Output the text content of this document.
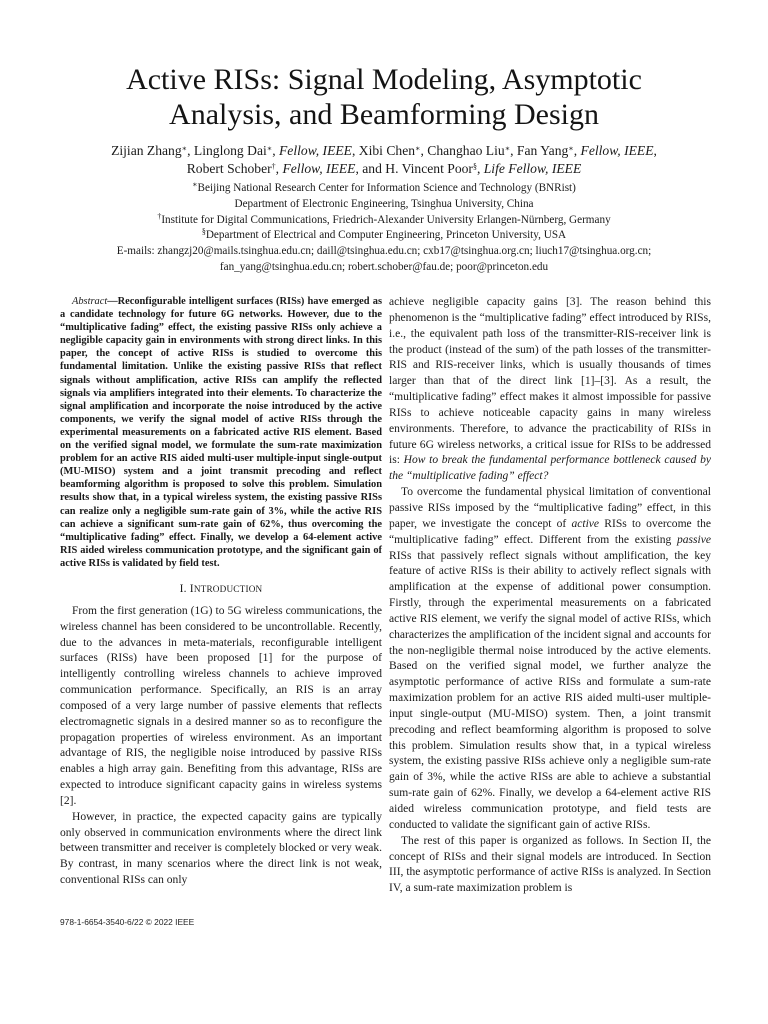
Active RISs: Signal Modeling, Asymptotic
Analysis, and Beamforming Design
Zijian Zhang∗, Linglong Dai∗, Fellow, IEEE, Xibi Chen∗, Changhao Liu∗, Fan Yang∗, Fellow, IEEE,
Robert Schober†, Fellow, IEEE, and H. Vincent Poor§, Life Fellow, IEEE
∗Beijing National Research Center for Information Science and Technology (BNRist)
Department of Electronic Engineering, Tsinghua University, China
†Institute for Digital Communications, Friedrich-Alexander University Erlangen-Nürnberg, Germany
§Department of Electrical and Computer Engineering, Princeton University, USA
E-mails: zhangzj20@mails.tsinghua.edu.cn; daill@tsinghua.edu.cn; cxb17@tsinghua.org.cn; liuch17@tsinghua.org.cn;
fan_yang@tsinghua.edu.cn; robert.schober@fau.de; poor@princeton.edu

Abstract—Reconfigurable intelligent surfaces (RISs) have emerged as a candidate technology for future 6G networks. However, due to the “multiplicative fading” effect, the existing passive RISs only achieve a negligible capacity gain in environments with strong direct links. In this paper, the concept of active RISs is studied to overcome this fundamental limitation. Unlike the existing passive RISs that reflect signals without amplification, active RISs can amplify the reflected signals via amplifiers integrated into their elements. To characterize the signal amplification and incorporate the noise introduced by the active components, we verify the signal model of active RISs through the experimental measurements on a fabricated active RIS element. Based on the verified signal model, we formulate the sum-rate maximization problem for an active RIS aided multi-user multiple-input single-output (MU-MISO) system and a joint transmit precoding and reflect beamforming algorithm is proposed to solve this problem. Simulation results show that, in a typical wireless system, the existing passive RISs can realize only a negligible sum-rate gain of 3%, while the active RIS can achieve a significant sum-rate gain of 62%, thus overcoming the “multiplicative fading” effect. Finally, we develop a 64-element active RIS aided wireless communication prototype, and the significant gain of active RISs is validated by field test.

I. INTRODUCTION

From the first generation (1G) to 5G wireless communications, the wireless channel has been considered to be uncontrollable. Recently, due to the advances in meta-materials, reconfigurable intelligent surfaces (RISs) have been proposed [1] for the purpose of intelligently controlling wireless channels to achieve improved communication performance. Specifically, an RIS is an array composed of a very large number of passive elements that reflects electromagnetic signals in a desired manner so as to reconfigure the propagation properties of wireless environment. As an important advantage of RIS, the negligible noise introduced by passive RISs enables a high array gain. Benefiting from this advantage, RISs are expected to introduce significant capacity gains in wireless systems [2].

However, in practice, the expected capacity gains are typically only observed in communication environments where the direct link between transmitter and receiver is completely blocked or very weak. By contrast, in many scenarios where the direct link is not weak, conventional RISs can only

achieve negligible capacity gains [3]. The reason behind this phenomenon is the “multiplicative fading” effect introduced by RISs, i.e., the equivalent path loss of the transmitter-RIS-receiver link is the product (instead of the sum) of the path losses of the transmitter-RIS and RIS-receiver links, which is usually thousands of times larger than that of the direct link [1]–[3]. As a result, the “multiplicative fading” effect makes it almost impossible for passive RISs to achieve noticeable capacity gains in many wireless environments. Therefore, to advance the practicability of RISs in future 6G wireless networks, a critical issue for RISs to be addressed is: How to break the fundamental performance bottleneck caused by the “multiplicative fading” effect?

To overcome the fundamental physical limitation of conventional passive RISs imposed by the “multiplicative fading” effect, in this paper, we investigate the concept of active RISs to overcome the “multiplicative fading” effect. Different from the existing passive RISs that passively reflect signals without amplification, the key feature of active RISs is their ability to actively reflect signals with amplification at the expense of additional power consumption. Firstly, through the experimental measurements on a fabricated active RIS element, we verify the signal model of active RISs, which characterizes the amplification of the incident signal and accounts for the non-negligible thermal noise introduced by the active elements. Based on the verified signal model, we further analyze the asymptotic performance of active RISs and formulate a sum-rate maximization problem for an active RIS aided multi-user multiple-input single-output (MU-MISO) system. Then, a joint transmit precoding and reflect beamforming algorithm is proposed to solve this problem. Simulation results show that, in a typical wireless system, the existing passive RISs achieve only a negligible sum-rate gain of 3%, while the active RISs are able to achieve a substantial sum-rate gain of 62%. Finally, we develop a 64-element active RIS aided wireless communication prototype, and field tests are conducted to validate the significant gain of active RISs.

The rest of this paper is organized as follows. In Section II, the concept of RISs and their signal models are introduced. In Section III, the asymptotic performance of active RISs is analyzed. In Section IV, a sum-rate maximization problem is

978-1-6654-3540-6/22 © 2022 IEEE
